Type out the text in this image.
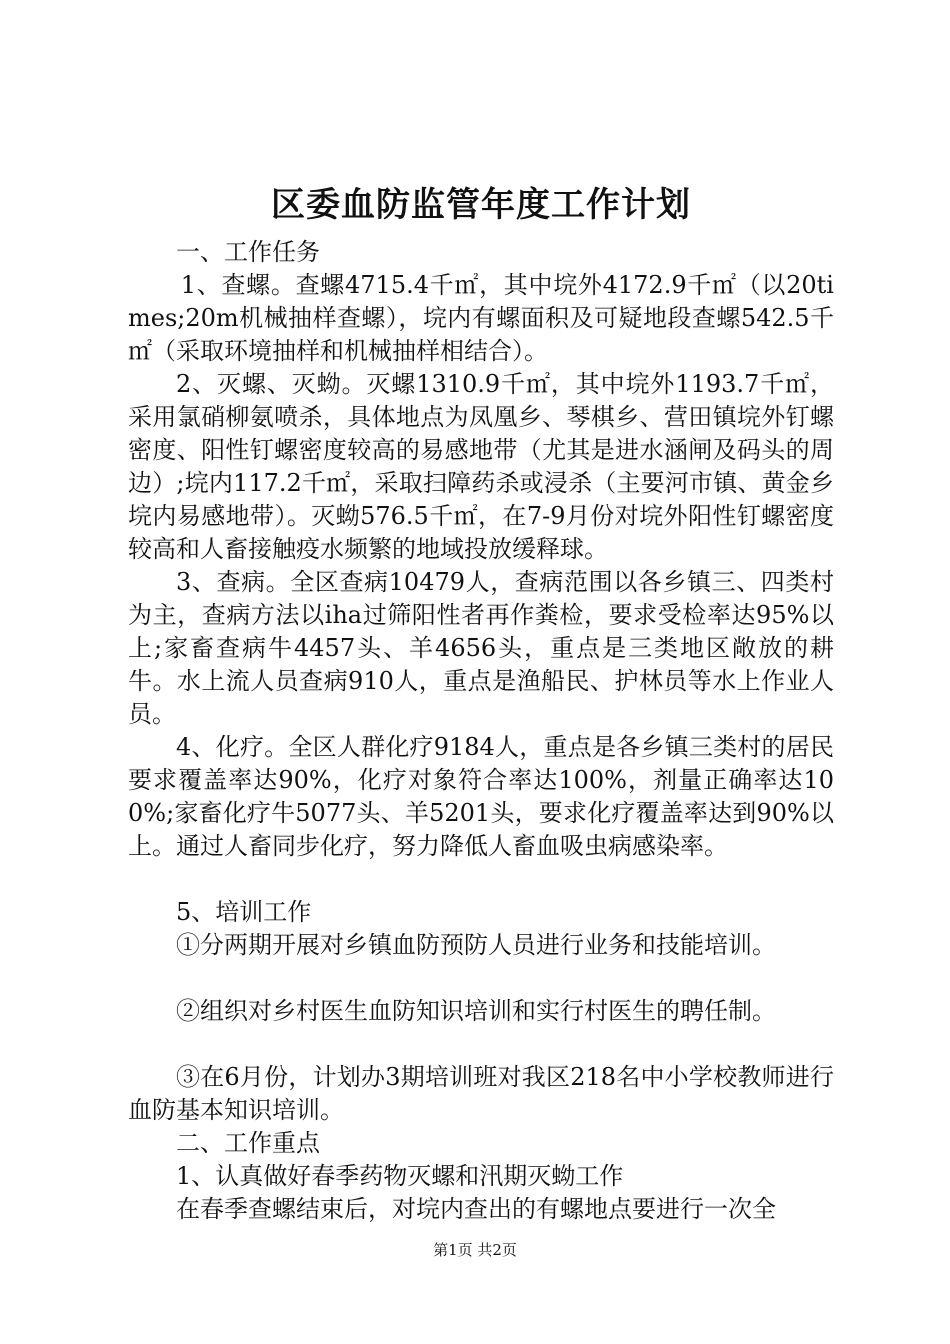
区委血防监管年度工作计划

一、工作任务

1、查螺。查螺4715.4千㎡，其中垸外4172.9千㎡（以20times;20m机械抽样查螺），垸内有螺面积及可疑地段查螺542.5千㎡（采取环境抽样和机械抽样相结合）。

2、灭螺、灭蚴。灭螺1310.9千㎡，其中垸外1193.7千㎡，采用氯硝柳氨喷杀，具体地点为凤凰乡、琴棋乡、营田镇垸外钉螺密度、阳性钉螺密度较高的易感地带（尤其是进水涵闸及码头的周边）;垸内117.2千㎡，采取扫障药杀或浸杀（主要河市镇、黄金乡垸内易感地带）。灭蚴576.5千㎡，在7-9月份对垸外阳性钉螺密度较高和人畜接触疫水频繁的地域投放缓释球。

3、查病。全区查病10479人，查病范围以各乡镇三、四类村为主，查病方法以iha过筛阳性者再作粪检，要求受检率达95%以上;家畜查病牛4457头、羊4656头，重点是三类地区敞放的耕牛。水上流人员查病910人，重点是渔船民、护林员等水上作业人员。

4、化疗。全区人群化疗9184人，重点是各乡镇三类村的居民要求覆盖率达90%，化疗对象符合率达100%，剂量正确率达100%;家畜化疗牛5077头、羊5201头，要求化疗覆盖率达到90%以上。通过人畜同步化疗，努力降低人畜血吸虫病感染率。

5、培训工作

①分两期开展对乡镇血防预防人员进行业务和技能培训。

②组织对乡村医生血防知识培训和实行村医生的聘任制。

③在6月份，计划办3期培训班对我区218名中小学校教师进行血防基本知识培训。

二、工作重点

1、认真做好春季药物灭螺和汛期灭蚴工作

在春季查螺结束后，对垸内查出的有螺地点要进行一次全

第1页 共2页
